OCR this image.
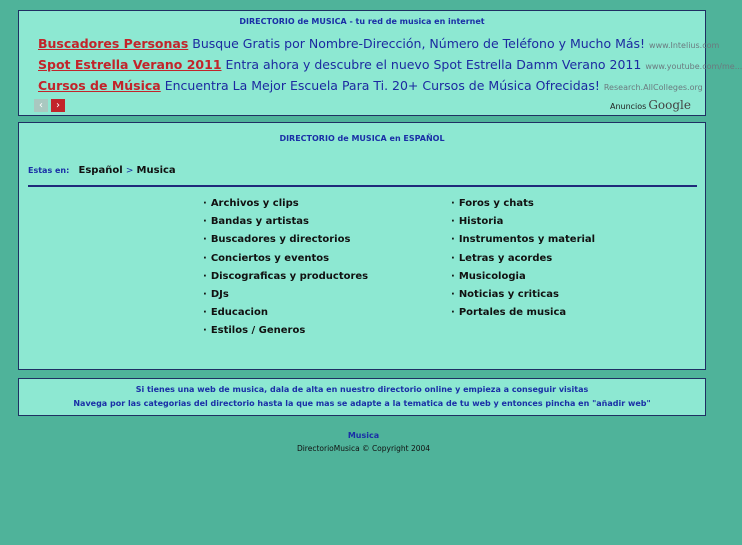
DIRECTORIO de MUSICA - tu red de musica en internet
Buscadores Personas Busque Gratis por Nombre-Dirección, Número de Teléfono y Mucho Más! www.Intelius.com
Spot Estrella Verano 2011 Entra ahora y descubre el nuevo Spot Estrella Damm Verano 2011 www.youtube.com/me...
Cursos de Música Encuentra La Mejor Escuela Para Ti. 20+ Cursos de Música Ofrecidas! Research.AllColleges.org
‹	›	Anuncios Google
DIRECTORIO de MUSICA en ESPAÑOL
Estas en: Español > Musica
· Archivos y clips
· Bandas y artistas
· Buscadores y directorios
· Conciertos y eventos
· Discograficas y productores
· DJs
· Educacion
· Estilos / Generos
· Foros y chats
· Historia
· Instrumentos y material
· Letras y acordes
· Musicologia
· Noticias y criticas
· Portales de musica
Si tienes una web de musica, dala de alta en nuestro directorio online y empieza a conseguir visitas
Navega por las categorias del directorio hasta la que mas se adapte a la tematica de tu web y entonces pincha en "añadir web"
Musica
DirectorioMusica © Copyright 2004
